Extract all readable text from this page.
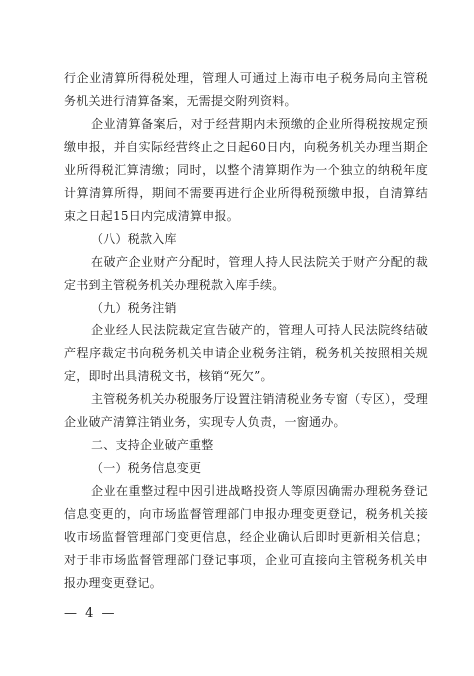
行企业清算所得税处理，管理人可通过上海市电子税务局向主管税务机关进行清算备案，无需提交附列资料。

企业清算备案后，对于经营期内未预缴的企业所得税按规定预缴申报，并自实际经营终止之日起60日内，向税务机关办理当期企业所得税汇算清缴；同时，以整个清算期作为一个独立的纳税年度计算清算所得，期间不需要再进行企业所得税预缴申报，自清算结束之日起15日内完成清算申报。

（八）税款入库

在破产企业财产分配时，管理人持人民法院关于财产分配的裁定书到主管税务机关办理税款入库手续。

（九）税务注销

企业经人民法院裁定宣告破产的，管理人可持人民法院终结破产程序裁定书向税务机关申请企业税务注销，税务机关按照相关规定，即时出具清税文书，核销“死欠”。

主管税务机关办税服务厅设置注销清税业务专窗（专区），受理企业破产清算注销业务，实现专人负责，一窗通办。

二、支持企业破产重整

（一）税务信息变更

企业在重整过程中因引进战略投资人等原因确需办理税务登记信息变更的，向市场监督管理部门申报办理变更登记，税务机关接收市场监督管理部门变更信息，经企业确认后即时更新相关信息；对于非市场监督管理部门登记事项，企业可直接向主管税务机关申报办理变更登记。

— 4 —
